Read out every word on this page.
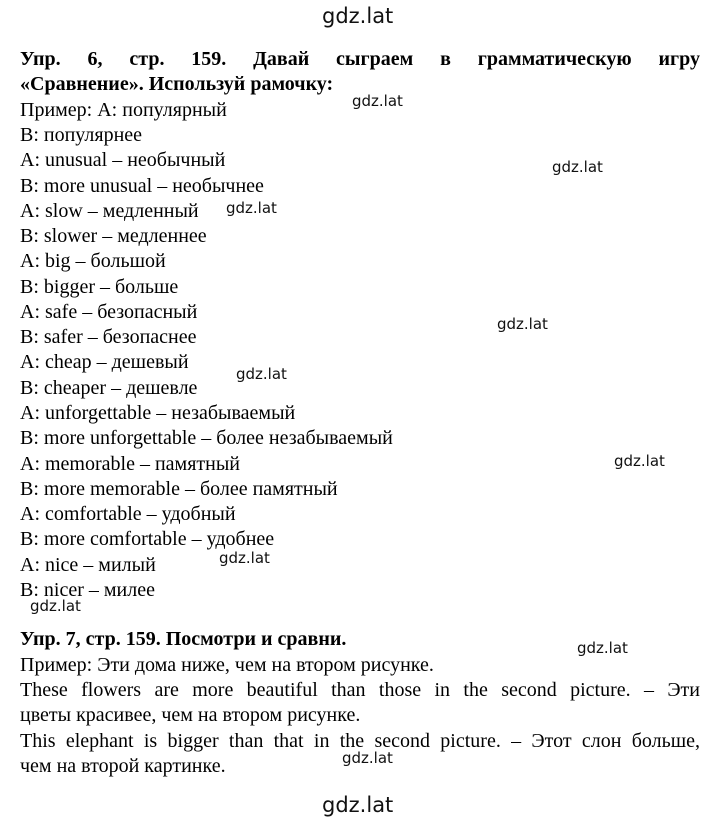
gdz.lat
Упр. 6, стр. 159. Давай сыграем в грамматическую игру
«Сравнение». Используй рамочку:
Пример: А: популярный
В: популярнее
A: unusual – необычный
B: more unusual – необычнее
A: slow – медленный
B: slower – медленнее
A: big – большой
B: bigger – больше
A: safe – безопасный
B: safer – безопаснее
A: cheap – дешевый
B: cheaper – дешевле
A: unforgettable – незабываемый
B: more unforgettable – более незабываемый
A: memorable – памятный
B: more memorable – более памятный
A: comfortable – удобный
B: more comfortable – удобнее
A: nice – милый
B: nicer – милее
Упр. 7, стр. 159. Посмотри и сравни.
Пример: Эти дома ниже, чем на втором рисунке.
These flowers are more beautiful than those in the second picture. – Эти
цветы красивее, чем на втором рисунке.
This elephant is bigger than that in the second picture. – Этот слон больше,
чем на второй картинке.
gdz.lat
gdz.lat
gdz.lat
gdz.lat
gdz.lat
gdz.lat
gdz.lat
gdz.lat
gdz.lat
gdz.lat
gdz.lat
